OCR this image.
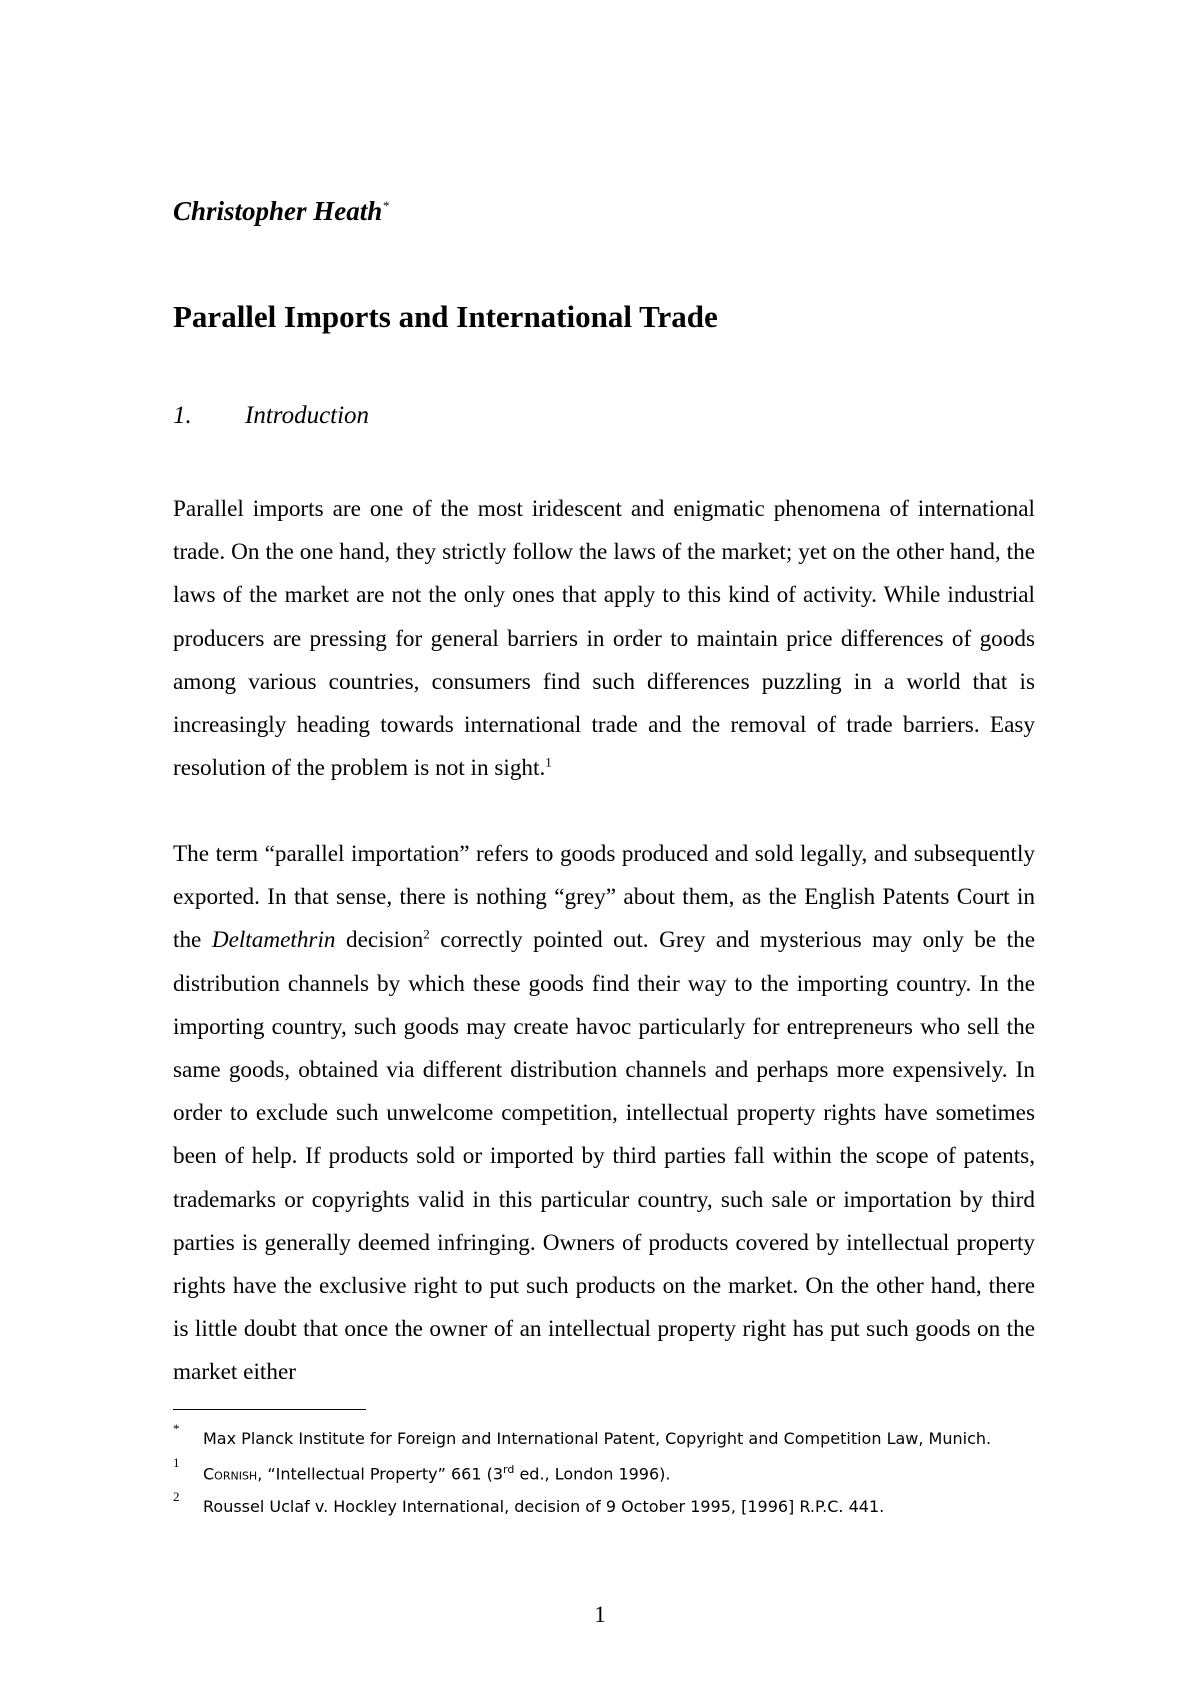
Christopher Heath*
Parallel Imports and International Trade
1. Introduction

Parallel imports are one of the most iridescent and enigmatic phenomena of international trade. On the one hand, they strictly follow the laws of the market; yet on the other hand, the laws of the market are not the only ones that apply to this kind of activity. While industrial producers are pressing for general barriers in order to maintain price differences of goods among various countries, consumers find such differences puzzling in a world that is increasingly heading towards international trade and the removal of trade barriers. Easy resolution of the problem is not in sight.$^1$

The term “parallel importation” refers to goods produced and sold legally, and subsequently exported. In that sense, there is nothing “grey” about them, as the English Patents Court in the Deltamethrin decision$^2$ correctly pointed out. Grey and mysterious may only be the distribution channels by which these goods find their way to the importing country. In the importing country, such goods may create havoc particularly for entrepreneurs who sell the same goods, obtained via different distribution channels and perhaps more expensively. In order to exclude such unwelcome competition, intellectual property rights have sometimes been of help. If products sold or imported by third parties fall within the scope of patents, trademarks or copyrights valid in this particular country, such sale or importation by third parties is generally deemed infringing. Owners of products covered by intellectual property rights have the exclusive right to put such products on the market. On the other hand, there is little doubt that once the owner of an intellectual property right has put such goods on the market either

*
Max Planck Institute for Foreign and International Patent, Copyright and Competition Law, Munich.
1
Cornish, “Intellectual Property” 661 (3rd ed., London 1996).
2
Roussel Uclaf v. Hockley International, decision of 9 October 1995, [1996] R.P.C. 441.
1
